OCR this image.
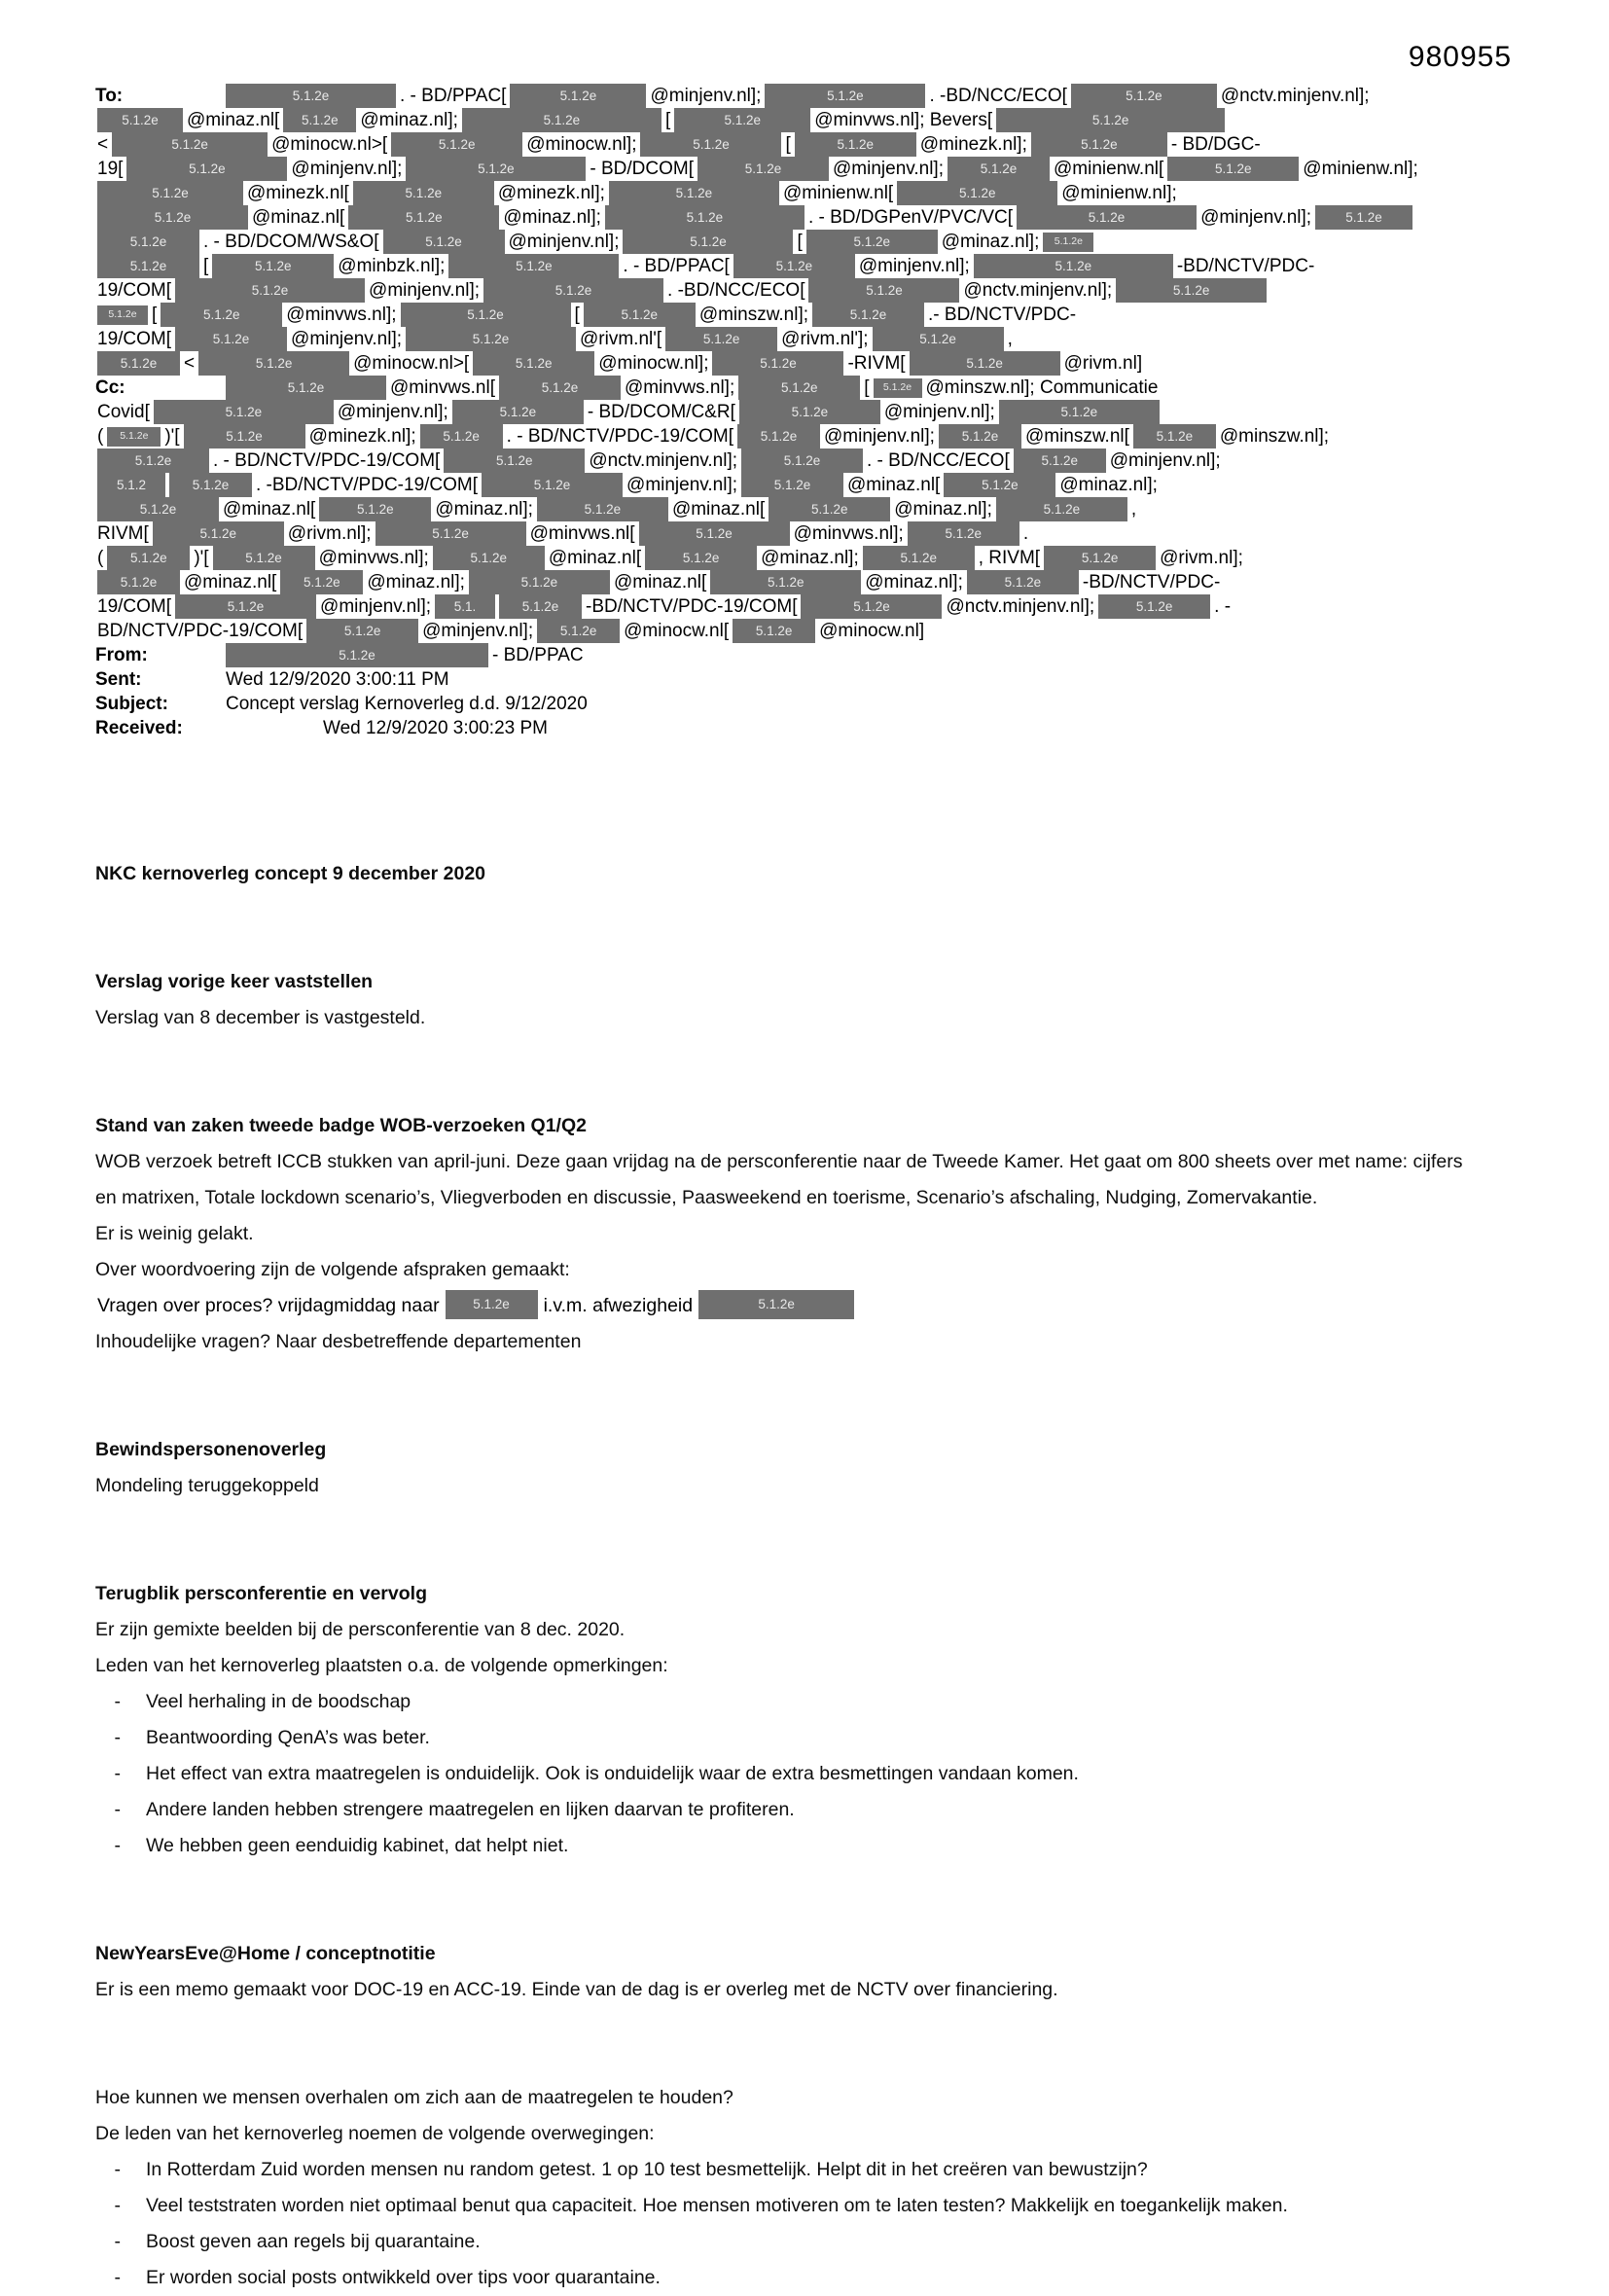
980955
To:	5.1.2e	. - BD/PPAC[	5.1.2e	@minjenv.nl];	5.1.2e	. -BD/NCC/ECO[	5.1.2e	@nctv.minjenv.nl];
5.1.2e	@minaz.nl[	5.1.2e	@minaz.nl];	5.1.2e	[	5.1.2e	@minvws.nl]; Bevers[	5.1.2e
<	5.1.2e	@minocw.nl>[	5.1.2e	@minocw.nl];	5.1.2e	[	5.1.2e	@minezk.nl];	5.1.2e	- BD/DGC-
19[	5.1.2e	@minjenv.nl];	5.1.2e	- BD/DCOM[	5.1.2e	@minjenv.nl];	5.1.2e	@minienw.nl[	5.1.2e	@minienw.nl];
5.1.2e	@minezk.nl[	5.1.2e	@minezk.nl];	5.1.2e	@minienw.nl[	5.1.2e	@minienw.nl];
5.1.2e	@minaz.nl[	5.1.2e	@minaz.nl];	5.1.2e	. - BD/DGPenV/PVC/VC[	5.1.2e	@minjenv.nl];	5.1.2e
5.1.2e	. - BD/DCOM/WS&O[	5.1.2e	@minjenv.nl];	5.1.2e	[	5.1.2e	@minaz.nl];	5.1.2e
5.1.2e	[	5.1.2e	@minbzk.nl];	5.1.2e	. - BD/PPAC[	5.1.2e	@minjenv.nl];	5.1.2e	-BD/NCTV/PDC-
19/COM[	5.1.2e	@minjenv.nl];	5.1.2e	. -BD/NCC/ECO[	5.1.2e	@nctv.minjenv.nl];	5.1.2e
5.1.2e [	5.1.2e	@minvws.nl];	5.1.2e	[	5.1.2e	@minszw.nl];	5.1.2e	.- BD/NCTV/PDC-
19/COM[	5.1.2e	@minjenv.nl];	5.1.2e	@rivm.nl'[	5.1.2e	@rivm.nl'];	5.1.2e	,
5.1.2e	<	5.1.2e	@minocw.nl>[	5.1.2e	@minocw.nl];	5.1.2e	-RIVM[	5.1.2e	@rivm.nl]
Cc:	5.1.2e	@minvws.nl[	5.1.2e	@minvws.nl];	5.1.2e	[	5.1.2e @minszw.nl]; Communicatie
Covid[	5.1.2e	@minjenv.nl];	5.1.2e	- BD/DCOM/C&R[	5.1.2e	@minjenv.nl];	5.1.2e
(	5.1.2e )'[	5.1.2e	@minezk.nl];	5.1.2e	. - BD/NCTV/PDC-19/COM[	5.1.2e	@minjenv.nl];	5.1.2e	@minszw.nl[	5.1.2e	@minszw.nl];
5.1.2e	. - BD/NCTV/PDC-19/COM[	5.1.2e	@nctv.minjenv.nl];	5.1.2e	. - BD/NCC/ECO[	5.1.2e	@minjenv.nl];
5.1.2	5.1.2e	. -BD/NCTV/PDC-19/COM[	5.1.2e	@minjenv.nl];	5.1.2e	@minaz.nl[	5.1.2e	@minaz.nl];
5.1.2e	@minaz.nl[	5.1.2e	@minaz.nl];	5.1.2e	@minaz.nl[	5.1.2e	@minaz.nl];	5.1.2e	,
RIVM[	5.1.2e	@rivm.nl];	5.1.2e	@minvws.nl[	5.1.2e	@minvws.nl];	5.1.2e	.
(	5.1.2e	)'[	5.1.2e	@minvws.nl];	5.1.2e	@minaz.nl[	5.1.2e	@minaz.nl];	5.1.2e	, RIVM[	5.1.2e	@rivm.nl];
5.1.2e	@minaz.nl[	5.1.2e	@minaz.nl];	5.1.2e	@minaz.nl[	5.1.2e	@minaz.nl];	5.1.2e	-BD/NCTV/PDC-
19/COM[	5.1.2e	@minjenv.nl];	5.1.	5.1.2e	-BD/NCTV/PDC-19/COM[	5.1.2e	@nctv.minjenv.nl];	5.1.2e	. -
BD/NCTV/PDC-19/COM[	5.1.2e	@minjenv.nl];	5.1.2e	@minocw.nl[	5.1.2e	@minocw.nl]
From:	5.1.2e	- BD/PPAC
Sent:	Wed 12/9/2020 3:00:11 PM
Subject:	Concept verslag Kernoverleg d.d. 9/12/2020
Received:	Wed 12/9/2020 3:00:23 PM
NKC kernoverleg concept 9 december 2020
Verslag vorige keer vaststellen
Verslag van 8 december is vastgesteld.
Stand van zaken tweede badge WOB-verzoeken Q1/Q2
WOB verzoek betreft ICCB stukken van april-juni. Deze gaan vrijdag na de persconferentie naar de Tweede Kamer. Het gaat om 800 sheets over met name: cijfers en matrixen, Totale lockdown scenario’s, Vliegverboden en discussie, Paasweekend en toerisme, Scenario’s afschaling, Nudging, Zomervakantie.
Er is weinig gelakt.
Over woordvoering zijn de volgende afspraken gemaakt:
Vragen over proces? vrijdagmiddag naar	5.1.2e i.v.m. afwezigheid	5.1.2e
Inhoudelijke vragen? Naar desbetreffende departementen
Bewindspersonenoverleg
Mondeling teruggekoppeld
Terugblik persconferentie en vervolg
Er zijn gemixte beelden bij de persconferentie van 8 dec. 2020.
Leden van het kernoverleg plaatsten o.a. de volgende opmerkingen:
-	Veel herhaling in de boodschap
-	Beantwoording QenA’s was beter.
-	Het effect van extra maatregelen is onduidelijk. Ook is onduidelijk waar de extra besmettingen vandaan komen.
-	Andere landen hebben strengere maatregelen en lijken daarvan te profiteren.
-	We hebben geen eenduidig kabinet, dat helpt niet.
NewYearsEve@Home / conceptnotitie
Er is een memo gemaakt voor DOC-19 en ACC-19. Einde van de dag is er overleg met de NCTV over financiering.
Hoe kunnen we mensen overhalen om zich aan de maatregelen te houden?
De leden van het kernoverleg noemen de volgende overwegingen:
-	In Rotterdam Zuid worden mensen nu random getest. 1 op 10 test besmettelijk. Helpt dit in het creëren van bewustzijn?
-	Veel teststraten worden niet optimaal benut qua capaciteit. Hoe mensen motiveren om te laten testen? Makkelijk en toegankelijk maken.
-	Boost geven aan regels bij quarantaine.
-	Er worden social posts ontwikkeld over tips voor quarantaine.
